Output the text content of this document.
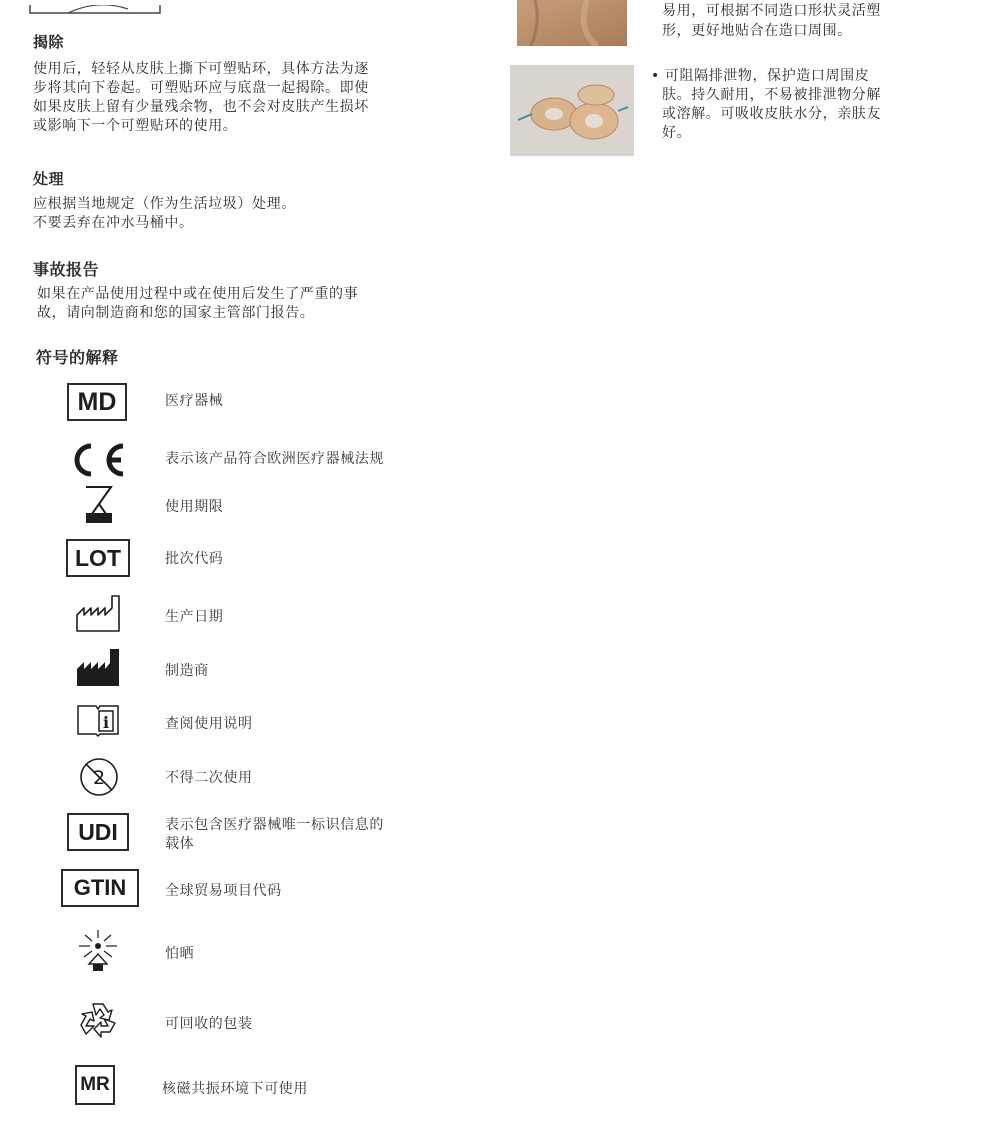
揭除
使用后，轻轻从皮肤上撕下可塑贴环，具体方法为逐
步将其向下卷起。可塑贴环应与底盘一起揭除。即使
如果皮肤上留有少量残余物，也不会对皮肤产生损坏
或影响下一个可塑贴环的使用。
处理
应根据当地规定（作为生活垃圾）处理。
不要丢弃在冲水马桶中。
事故报告
如果在产品使用过程中或在使用后发生了严重的事
故，请向制造商和您的国家主管部门报告。
符号的解释
MD	医疗器械
表示该产品符合欧洲医疗器械法规
使用期限
LOT	批次代码
生产日期
制造商
i	查阅使用说明
2	不得二次使用
UDI	表示包含医疗器械唯一标识信息的
载体
GTIN	全球贸易项目代码
怕晒
可回收的包装
MR	核磁共振环境下可使用
易用，可根据不同造口形状灵活塑
形，更好地贴合在造口周围。
• 可阻隔排泄物，保护造口周围皮
肤。持久耐用，不易被排泄物分解
或溶解。可吸收皮肤水分，亲肤友
好。
